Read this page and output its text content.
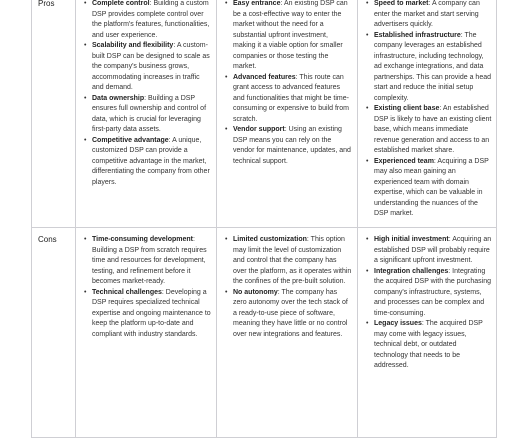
Pros	• Complete control: Building a custom DSP provides complete control over the platform's features, functionalities, and user experience.
• Scalability and flexibility: A custom-built DSP can be designed to scale as the company's business grows, accommodating increases in traffic and demand.
• Data ownership: Building a DSP ensures full ownership and control of data, which is crucial for leveraging first-party data assets.
• Competitive advantage: A unique, customized DSP can provide a competitive advantage in the market, differentiating the company from other players.
• Easy entrance: An existing DSP can be a cost-effective way to enter the market without the need for a substantial upfront investment, making it a viable option for smaller companies or those testing the market.
• Advanced features: This route can grant access to advanced features and functionalities that might be time-consuming or expensive to build from scratch.
• Vendor support: Using an existing DSP means you can rely on the vendor for maintenance, updates, and technical support.
• Speed to market: A company can enter the market and start serving advertisers quickly.
• Established infrastructure: The company leverages an established infrastructure, including technology, ad exchange integrations, and data partnerships. This can provide a head start and reduce the initial setup complexity.
• Existing client base: An established DSP is likely to have an existing client base, which means immediate revenue generation and access to an established market share.
• Experienced team: Acquiring a DSP may also mean gaining an experienced team with domain expertise, which can be valuable in understanding the nuances of the DSP market.
Cons	• Time-consuming development: Building a DSP from scratch requires time and resources for development, testing, and refinement before it becomes market-ready.
• Technical challenges: Developing a DSP requires specialized technical expertise and ongoing maintenance to keep the platform up-to-date and compliant with industry standards.
• Limited customization: This option may limit the level of customization and control that the company has over the platform, as it operates within the confines of the pre-built solution.
• No autonomy: The company has zero autonomy over the tech stack of a ready-to-use piece of software, meaning they have little or no control over new integrations and features.
• High initial investment: Acquiring an established DSP will probably require a significant upfront investment.
• Integration challenges: Integrating the acquired DSP with the purchasing company's infrastructure, systems, and processes can be complex and time-consuming.
• Legacy issues: The acquired DSP may come with legacy issues, technical debt, or outdated technology that needs to be addressed.
